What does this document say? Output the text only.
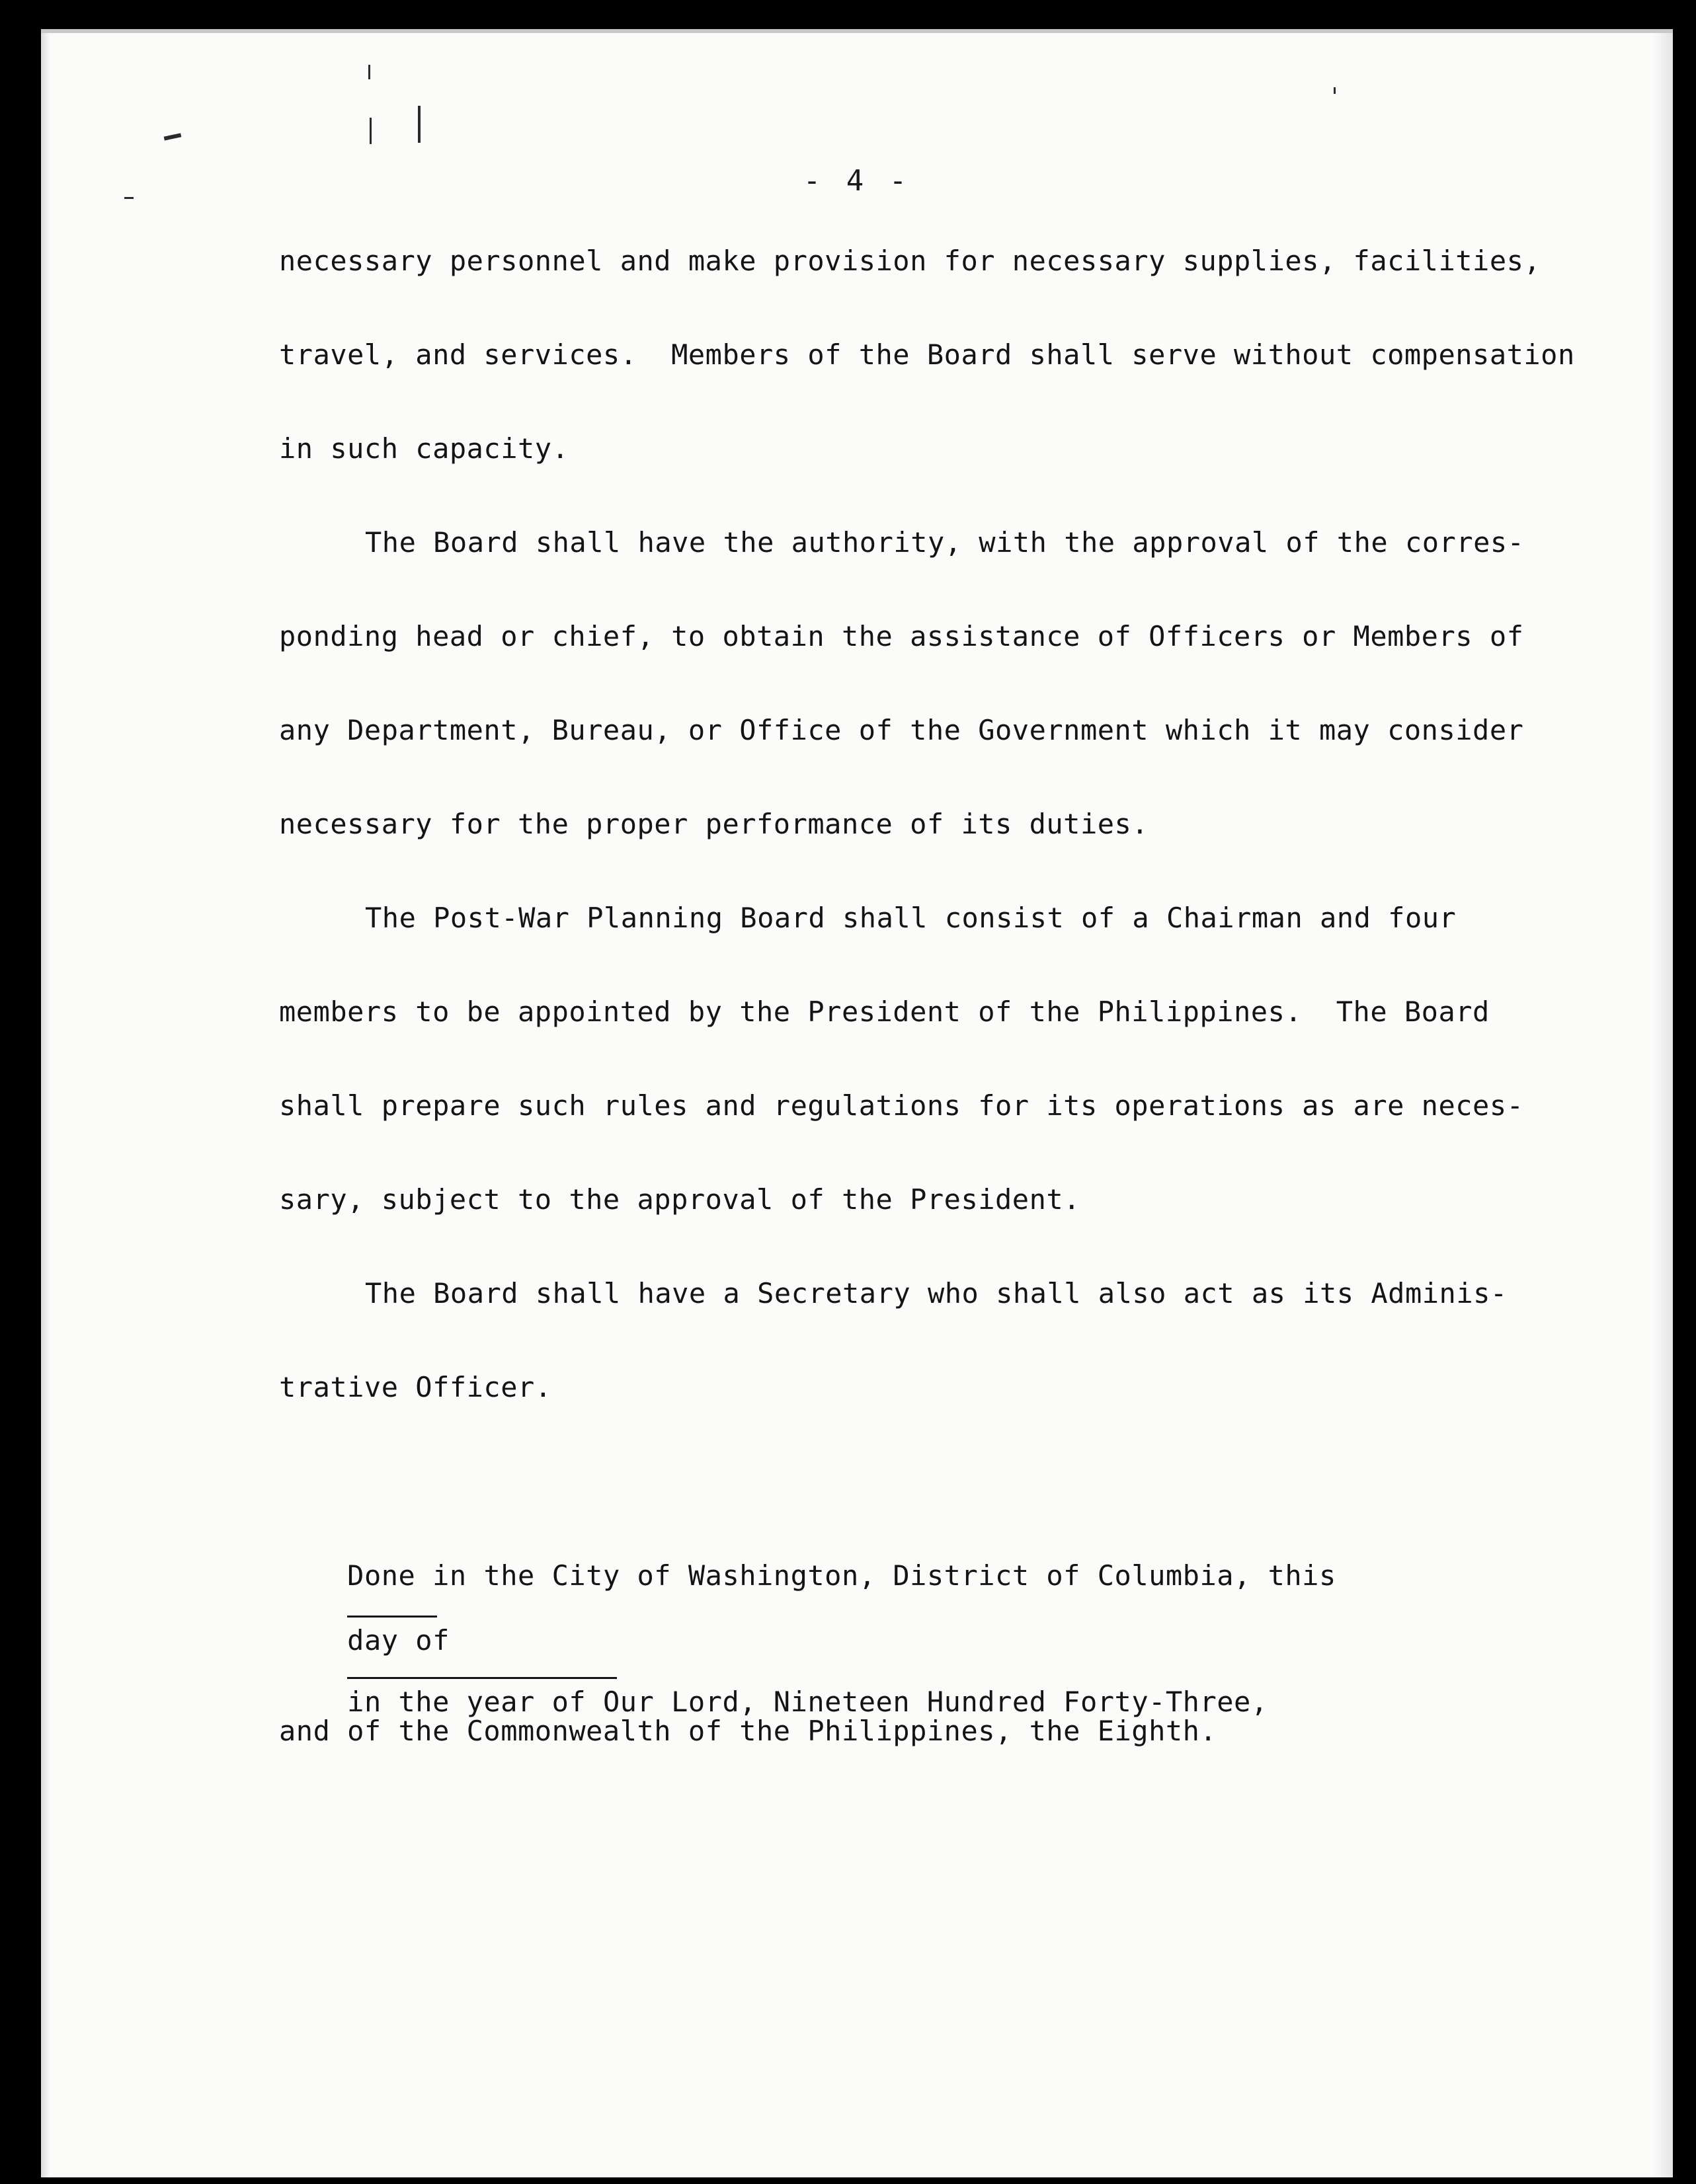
- 4 -
necessary personnel and make provision for necessary supplies, facilities,
travel, and services.  Members of the Board shall serve without compensation
in such capacity.
The Board shall have the authority, with the approval of the corres-
ponding head or chief, to obtain the assistance of Officers or Members of
any Department, Bureau, or Office of the Government which it may consider
necessary for the proper performance of its duties.
The Post-War Planning Board shall consist of a Chairman and four
members to be appointed by the President of the Philippines.  The Board
shall prepare such rules and regulations for its operations as are neces-
sary, subject to the approval of the President.
The Board shall have a Secretary who shall also act as its Adminis-
trative Officer.

Done in the City of Washington, District of Columbia, this

day of

in the year of Our Lord, Nineteen Hundred Forty-Three,

and of the Commonwealth of the Philippines, the Eighth.
